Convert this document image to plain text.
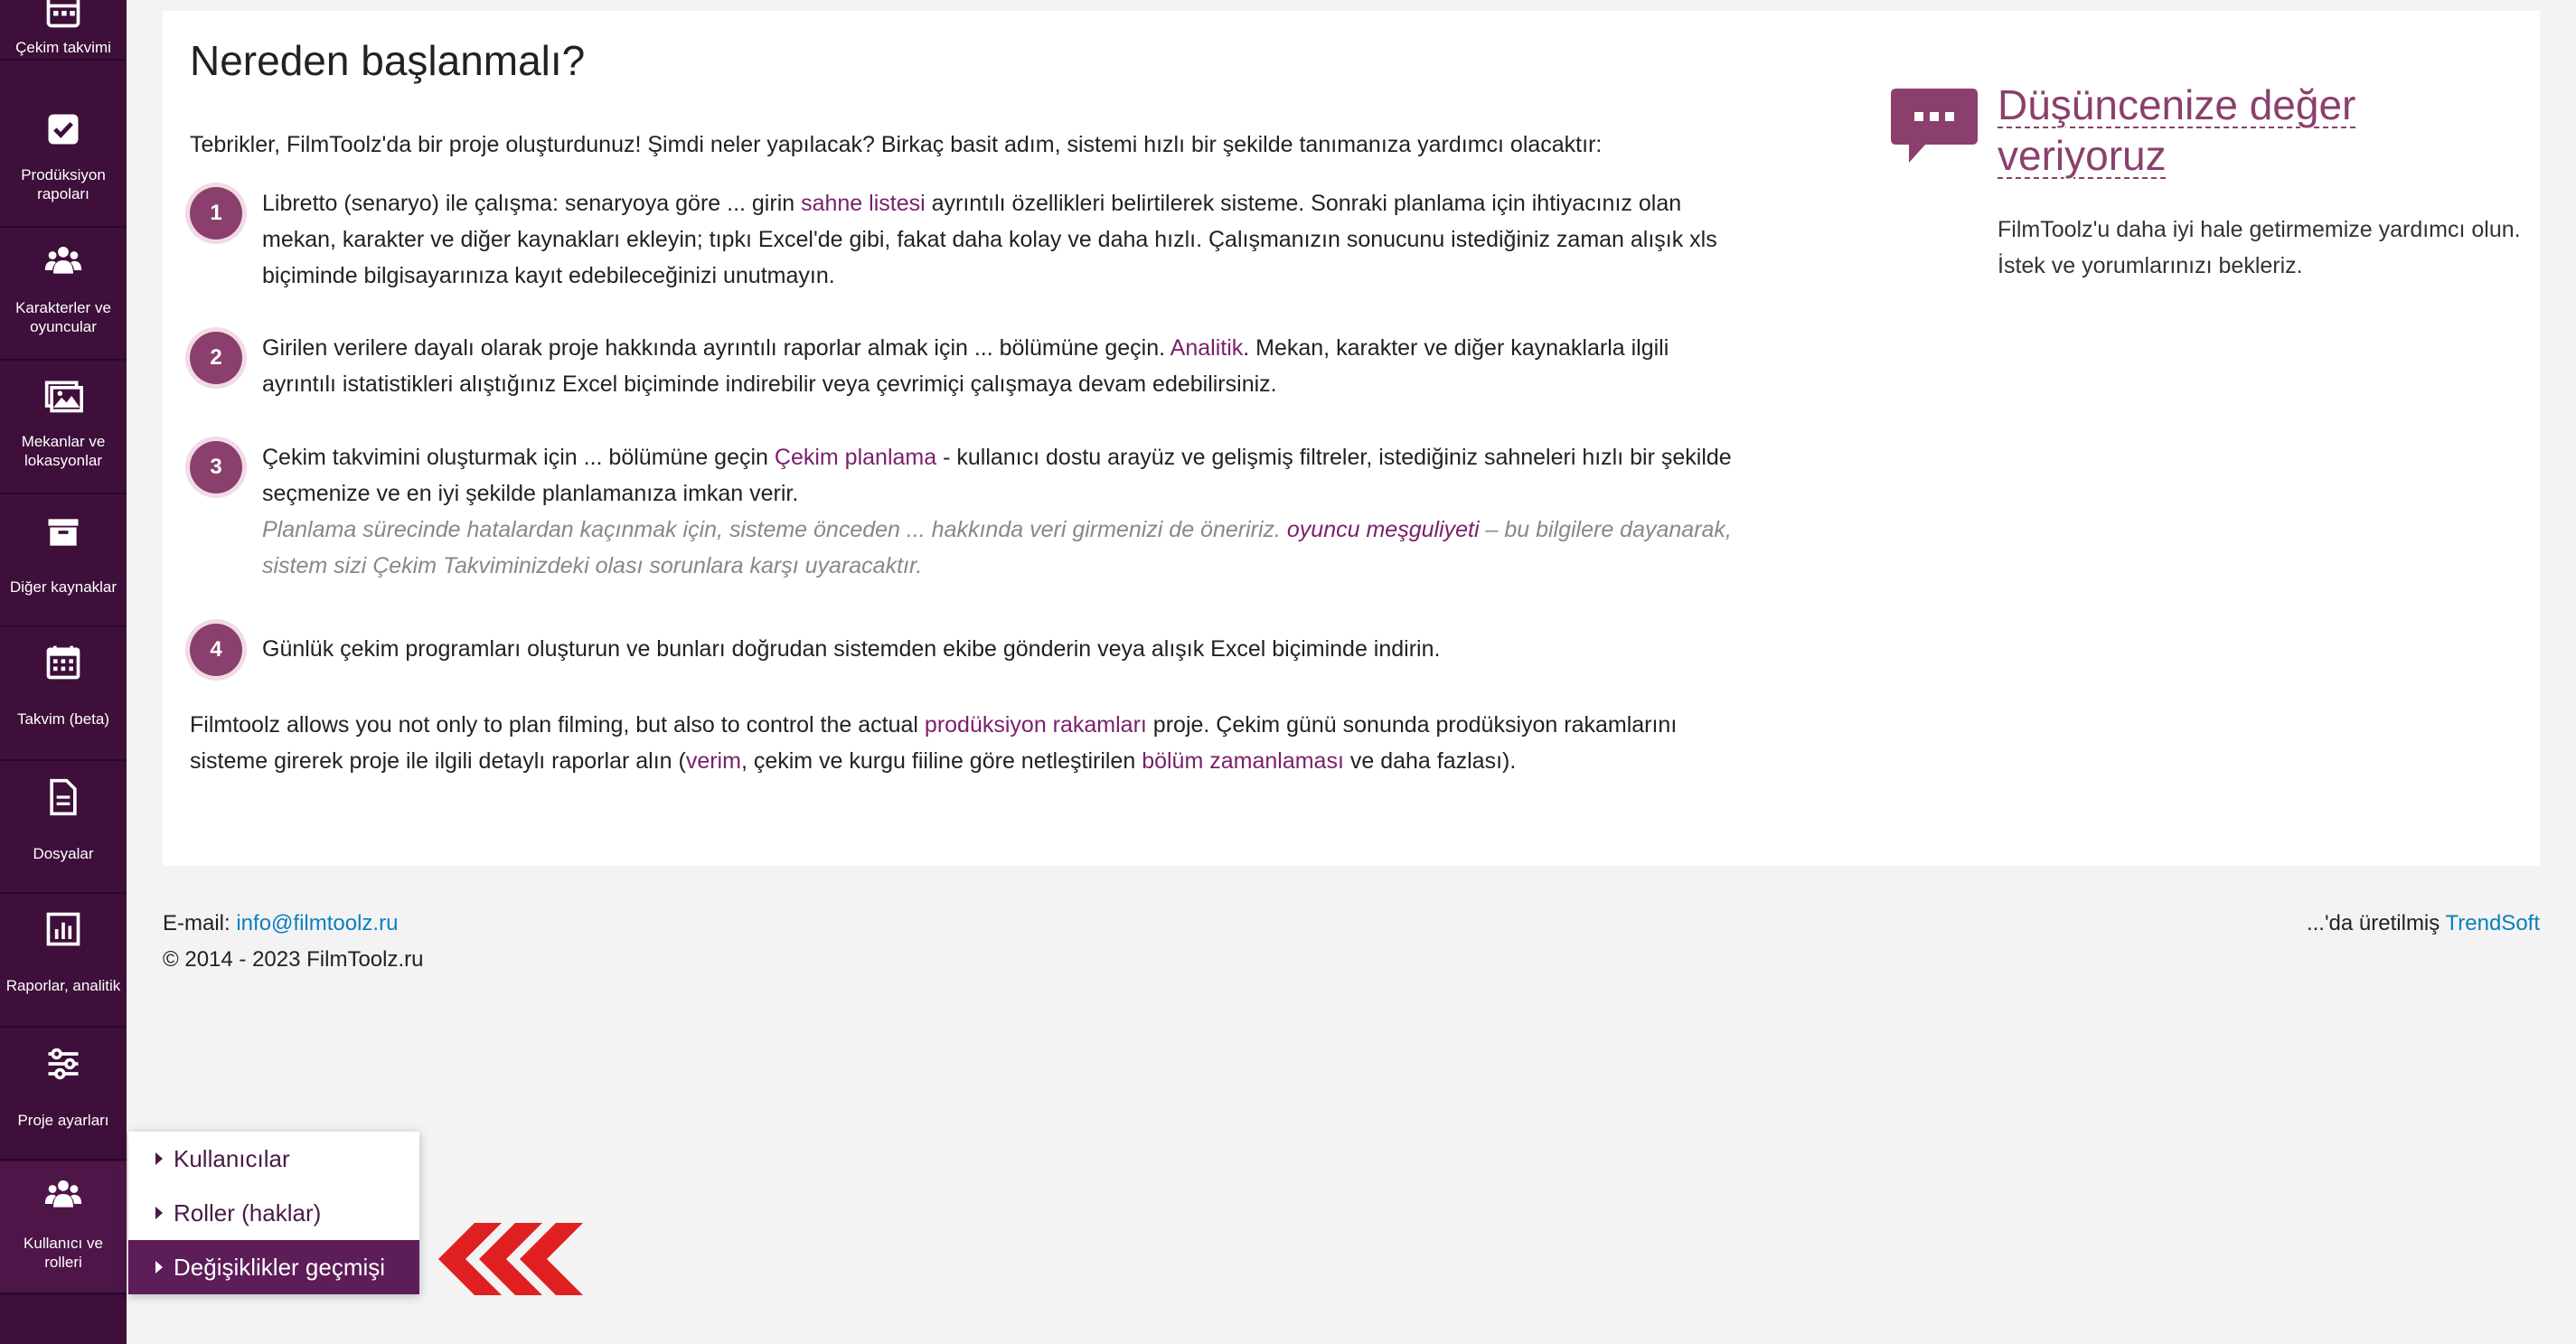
Çekim takvimi
Prodüksiyon rapoları
Karakterler ve oyuncular
Mekanlar ve lokasyonlar
Diğer kaynaklar
Takvim (beta)
Dosyalar
Raporlar, analitik
Proje ayarları
Kullanıcı ve rolleri
Nereden başlanmalı?
Tebrikler, FilmToolz'da bir proje oluşturdunuz! Şimdi neler yapılacak? Birkaç basit adım, sistemi hızlı bir şekilde tanımanıza yardımcı olacaktır:
1	Libretto (senaryo) ile çalışma: senaryoya göre ... girin sahne listesi ayrıntılı özellikleri belirtilerek sisteme. Sonraki planlama için ihtiyacınız olan mekan, karakter ve diğer kaynakları ekleyin; tıpkı Excel'de gibi, fakat daha kolay ve daha hızlı. Çalışmanızın sonucunu istediğiniz zaman alışık xls biçiminde bilgisayarınıza kayıt edebileceğinizi unutmayın.
2	Girilen verilere dayalı olarak proje hakkında ayrıntılı raporlar almak için ... bölümüne geçin. Analitik. Mekan, karakter ve diğer kaynaklarla ilgili ayrıntılı istatistikleri alıştığınız Excel biçiminde indirebilir veya çevrimiçi çalışmaya devam edebilirsiniz.
3	Çekim takvimini oluşturmak için ... bölümüne geçin Çekim planlama - kullanıcı dostu arayüz ve gelişmiş filtreler, istediğiniz sahneleri hızlı bir şekilde seçmenize ve en iyi şekilde planlamanıza imkan verir.
Planlama sürecinde hatalardan kaçınmak için, sisteme önceden ... hakkında veri girmenizi de öneririz. oyuncu meşguliyeti – bu bilgilere dayanarak, sistem sizi Çekim Takviminizdeki olası sorunlara karşı uyaracaktır.
4	Günlük çekim programları oluşturun ve bunları doğrudan sistemden ekibe gönderin veya alışık Excel biçiminde indirin.
Filmtoolz allows you not only to plan filming, but also to control the actual prodüksiyon rakamları proje. Çekim günü sonunda prodüksiyon rakamlarını sisteme girerek proje ile ilgili detaylı raporlar alın (verim, çekim ve kurgu fiiline göre netleştirilen bölüm zamanlaması ve daha fazlası).
Düşüncenize değer veriyoruz
FilmToolz'u daha iyi hale getirmemize yardımcı olun. İstek ve yorumlarınızı bekleriz.
E-mail: info@filmtoolz.ru
© 2014 - 2023 FilmToolz.ru
...'da üretilmiş TrendSoft
Kullanıcılar
Roller (haklar)
Değişiklikler geçmişi
